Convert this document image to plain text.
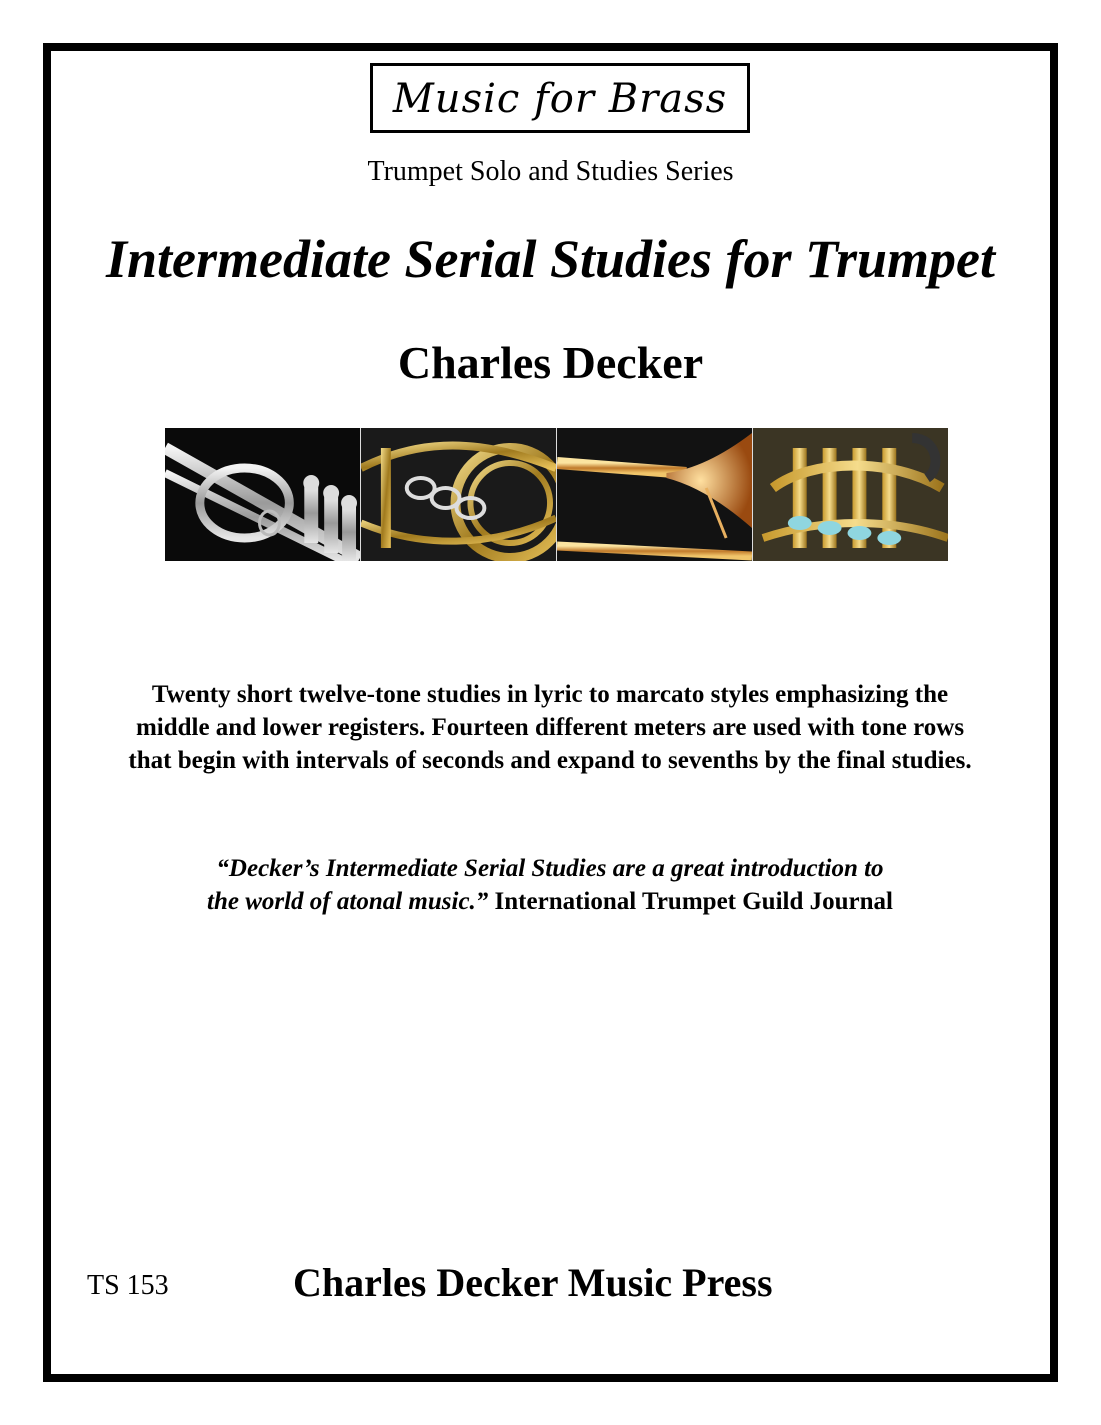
Music for Brass
Trumpet Solo and Studies Series
Intermediate Serial Studies for Trumpet
Charles Decker
Twenty short twelve-tone studies in lyric to marcato styles emphasizing the
middle and lower registers. Fourteen different meters are used with tone rows
that begin with intervals of seconds and expand to sevenths by the final studies.
“Decker’s Intermediate Serial Studies are a great introduction to
the world of atonal music.” International Trumpet Guild Journal
TS 153	Charles Decker Music Press
